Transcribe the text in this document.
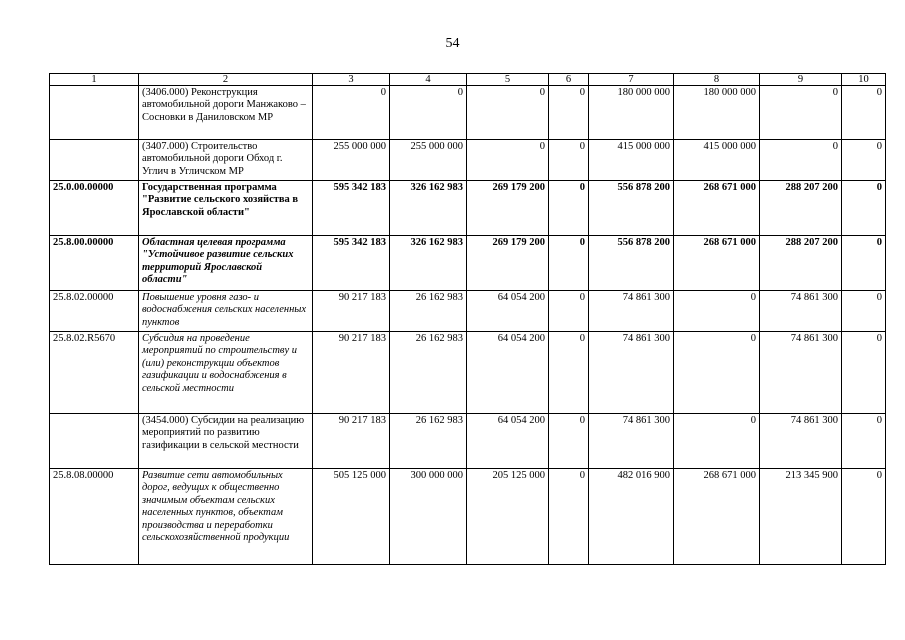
54
1	2	3	4	5	6	7	8	9	10
	(3406.000) Реконструкция автомобильной дороги Манжаково – Сосновки в Даниловском МР	0	0	0	0	180 000 000	180 000 000	0	0
	(3407.000) Строительство автомобильной дороги Обход г. Углич в Угличском МР	255 000 000	255 000 000	0	0	415 000 000	415 000 000	0	0
25.0.00.00000	Государственная программа "Развитие сельского хозяйства в Ярославской области"	595 342 183	326 162 983	269 179 200	0	556 878 200	268 671 000	288 207 200	0
25.8.00.00000	Областная целевая программа "Устойчивое развитие сельских территорий Ярославской области"	595 342 183	326 162 983	269 179 200	0	556 878 200	268 671 000	288 207 200	0
25.8.02.00000	Повышение уровня газо- и водоснабжения сельских населенных пунктов	90 217 183	26 162 983	64 054 200	0	74 861 300	0	74 861 300	0
25.8.02.R5670	Субсидия на проведение мероприятий по строительству и (или) реконструкции объектов газификации и водоснабжения в сельской местности	90 217 183	26 162 983	64 054 200	0	74 861 300	0	74 861 300	0
	(3454.000) Субсидии на реализацию мероприятий по развитию газификации в сельской местности	90 217 183	26 162 983	64 054 200	0	74 861 300	0	74 861 300	0
25.8.08.00000	Развитие сети автомобильных дорог, ведущих к общественно значимым объектам сельских населенных пунктов, объектам производства и переработки сельскохозяйственной продукции	505 125 000	300 000 000	205 125 000	0	482 016 900	268 671 000	213 345 900	0
